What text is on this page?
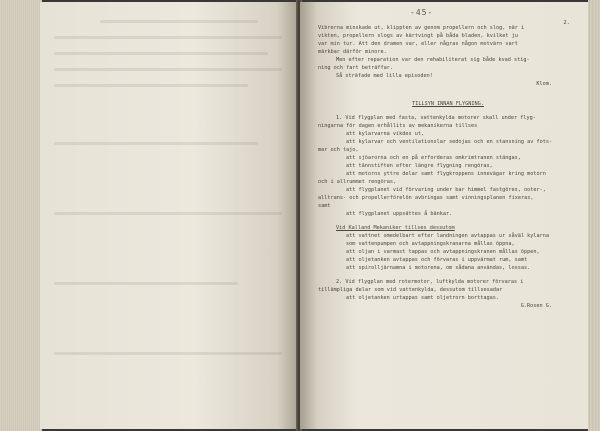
-45-
2.
Vibrerna minskade ut, klippten av genom propellern och slog, när i
vikten, propellern slogs av kärtvingt på båda bladen, kvilket ju
var min tur. Att den dramen var, eller någras någon motvärn vart
märkbar därför minore.
Men efter reparation var den rehabiliterat sig både kvad stig-
ning och fart beträffar.
Så sträfade med lilla episoden!
Klom.
TILLSYN INNAN FLYGNING.
1. Vid flygplan med fasta, vattenkylda motorer skall under flyg-
ningarna för dagen erhållits av mekanikerna tillses
att kylarvarna vikdes ut,
att kylarvar och ventilationslar sedojas och en stansning av fots-
mar och tajo,
att sjöarorna och en på erforderas omkrimtranen stängas,
att tännstiften efter längre flygning rengöras,
att motorns yttre delar samt flygkroppens innevägar kring motorn
och i allrummet rengöras,
att flygplanet vid förvaring under bar himmel fastgöres, ooter-,
alltrans- och propellerförelön avbringas samt vinningsplanen fixeras,
samt
att flygplanet uppsättes å bänkar.
Vid Kalland Mekaniker tillses dessutom
att vattnet omedelbart efter landningen avtappas ur såväl kylarna
som vattenpumpen och avtappningskranarna mållas öppna,
att oljan i varmast tappas och avtappningskranen mållas öppen,
att oljetanken avtappas och förvaras i uppvärmat rum, samt
att spirolljärnamna i motorena, om sådana användas, lossas.
2. Vid flygplan med rotermotor, luftkylda motorer förvaras i
tillämpliga delar som vid vattenkylda, dessutom tillsesadar
att oljetanken urtappas samt oljetrorn borttagas.
G.Rosen G.
